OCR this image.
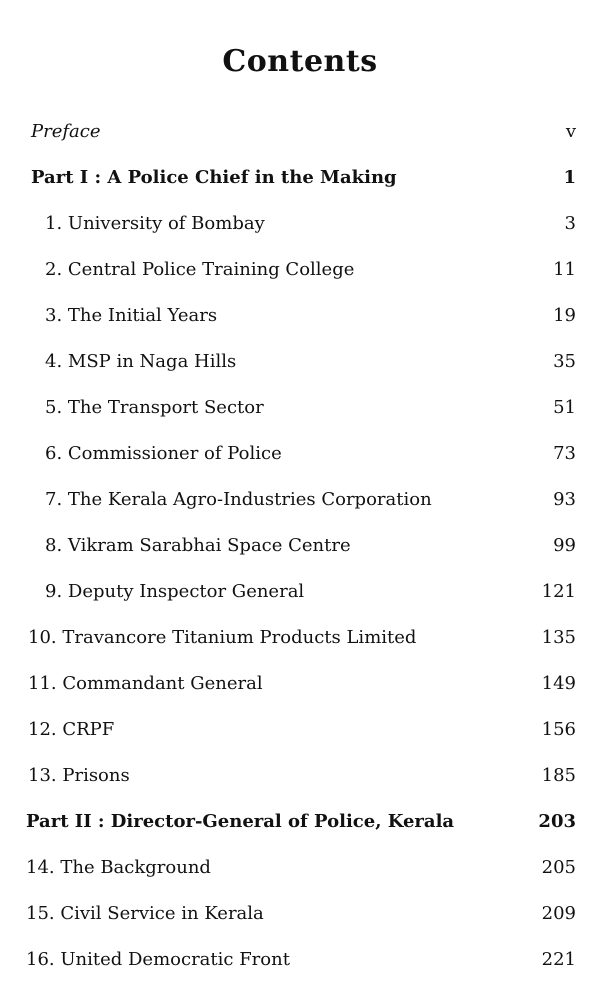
Contents
Preface	v
Part I : A Police Chief in the Making	1
1. University of Bombay	3
2. Central Police Training College	11
3. The Initial Years	19
4. MSP in Naga Hills	35
5. The Transport Sector	51
6. Commissioner of Police	73
7. The Kerala Agro-Industries Corporation	93
8. Vikram Sarabhai Space Centre	99
9. Deputy Inspector General	121
10. Travancore Titanium Products Limited	135
11. Commandant General	149
12. CRPF	156
13. Prisons	185
Part II : Director-General of Police, Kerala	203
14. The Background	205
15. Civil Service in Kerala	209
16. United Democratic Front	221
